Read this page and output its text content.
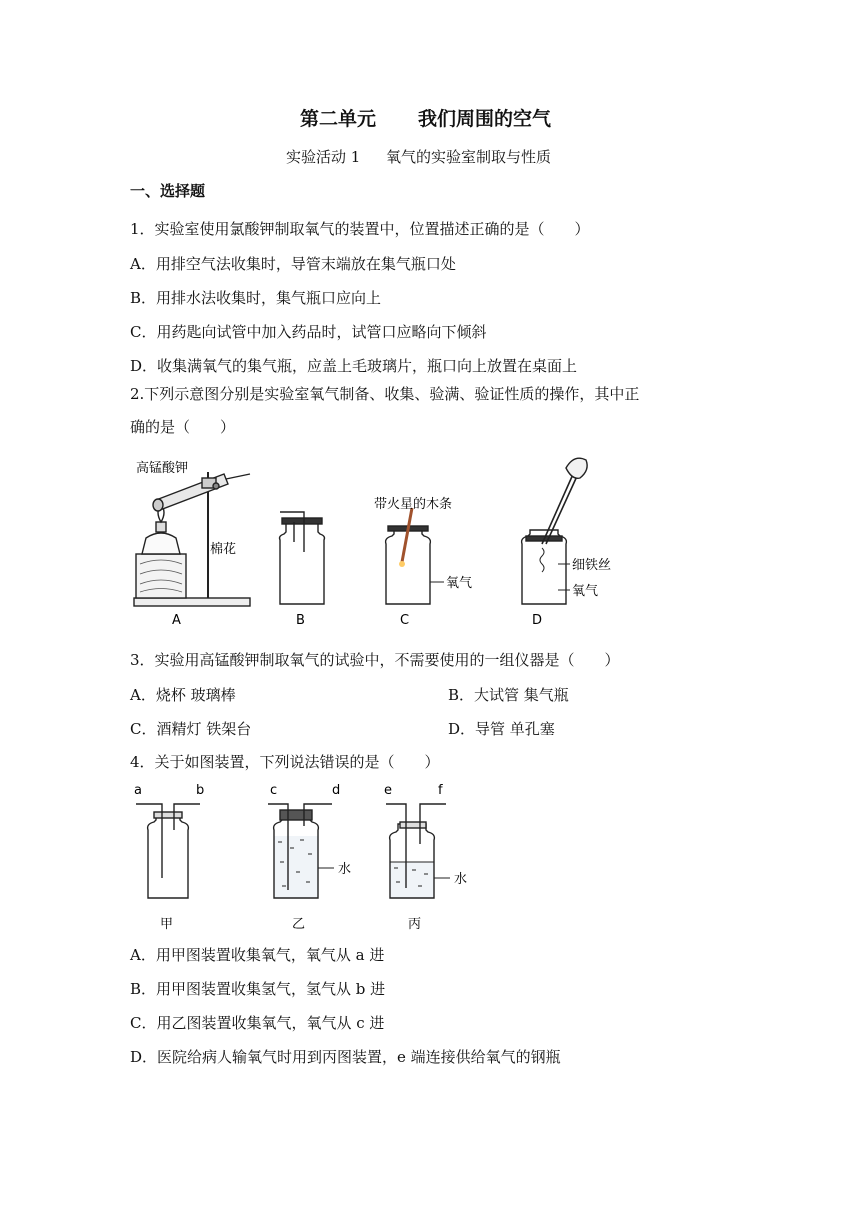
第二单元 我们周围的空气
实验活动 1 氧气的实验室制取与性质
一、选择题
1．实验室使用氯酸钾制取氧气的装置中，位置描述正确的是（　　）
A．用排空气法收集时，导管末端放在集气瓶口处
B．用排水法收集时，集气瓶口应向上
C．用药匙向试管中加入药品时，试管口应略向下倾斜
D．收集满氧气的集气瓶，应盖上毛玻璃片，瓶口向上放置在桌面上
2.下列示意图分别是实验室氧气制备、收集、验满、验证性质的操作，其中正
确的是（　　）
高锰酸钾
棉花
A	B
带火星的木条
氧气
C
细铁丝
氧气
D
3．实验用高锰酸钾制取氧气的试验中，不需要使用的一组仪器是（　　）
A．烧杯 玻璃棒	B．大试管 集气瓶
C．酒精灯 铁架台	D．导管 单孔塞
4．关于如图装置，下列说法错误的是（　　）
a	b
甲
c	d
水
乙
e	f
水
丙
A．用甲图装置收集氧气，氧气从 a 进
B．用甲图装置收集氢气，氢气从 b 进
C．用乙图装置收集氧气，氧气从 c 进
D．医院给病人输氧气时用到丙图装置，e 端连接供给氧气的钢瓶
